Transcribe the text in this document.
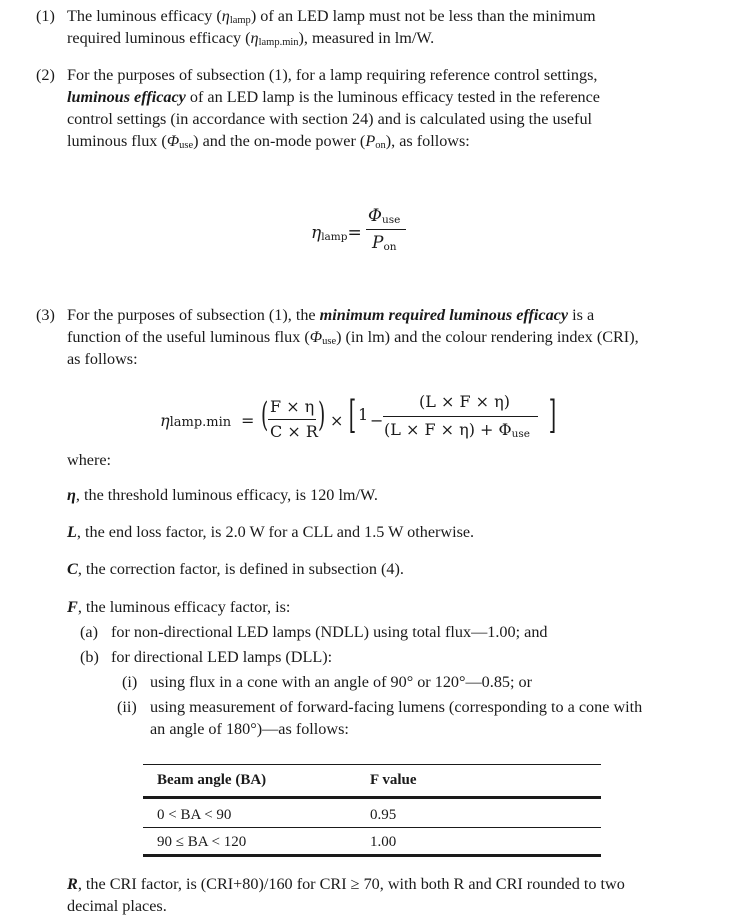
(1) The luminous efficacy $(\eta_{lamp})$ of an LED lamp must not be less than the minimum
required luminous efficacy $(\eta_{lamp.min})$, measured in lm/W.
(2) For the purposes of subsection (1), for a lamp requiring reference control settings,
luminous efficacy of an LED lamp is the luminous efficacy tested in the reference
control settings (in accordance with section 24) and is calculated using the useful
luminous flux $(\Phi_{use})$ and the on-mode power $(P_{on})$, as follows:
$\eta_{lamp}=$
$\Phi_{use}$
$P_{on}$
(3) For the purposes of subsection (1), the minimum required luminous efficacy is a
function of the useful luminous flux $(\Phi_{use})$ (in lm) and the colour rendering index (CRI),
as follows:
ηlamp.min = ( F × η
C × R ) × [ 1 −
(L × F × η)
$(L \times F \times \eta) + \Phi_{use}$ ]
where:
η, the threshold luminous efficacy, is 120 lm/W.
L, the end loss factor, is 2.0 W for a CLL and 1.5 W otherwise.
C, the correction factor, is defined in subsection (4).
F, the luminous efficacy factor, is:
(a) for non-directional LED lamps (NDLL) using total flux—1.00; and
(b) for directional LED lamps (DLL):
(i) using flux in a cone with an angle of 90° or 120°—0.85; or
(ii) using measurement of forward-facing lumens (corresponding to a cone with
an angle of 180°)—as follows:
Beam angle (BA)	F value
0 < BA < 90	0.95
90 ≤ BA < 120	1.00
R, the CRI factor, is (CRI+80)/160 for CRI ≥ 70, with both R and CRI rounded to two
decimal places.
